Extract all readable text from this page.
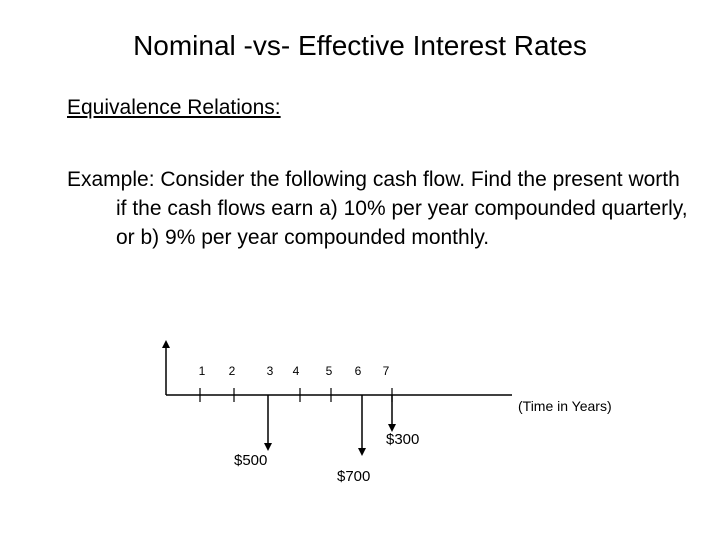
Nominal -vs- Effective Interest Rates
Equivalence Relations:
Example: Consider the following cash flow. Find the present worth if the cash flows earn a) 10% per year compounded quarterly, or b) 9% per year compounded monthly.
1 2	3 4 5 6 7
(Time in Years)
$500
$700
$300
